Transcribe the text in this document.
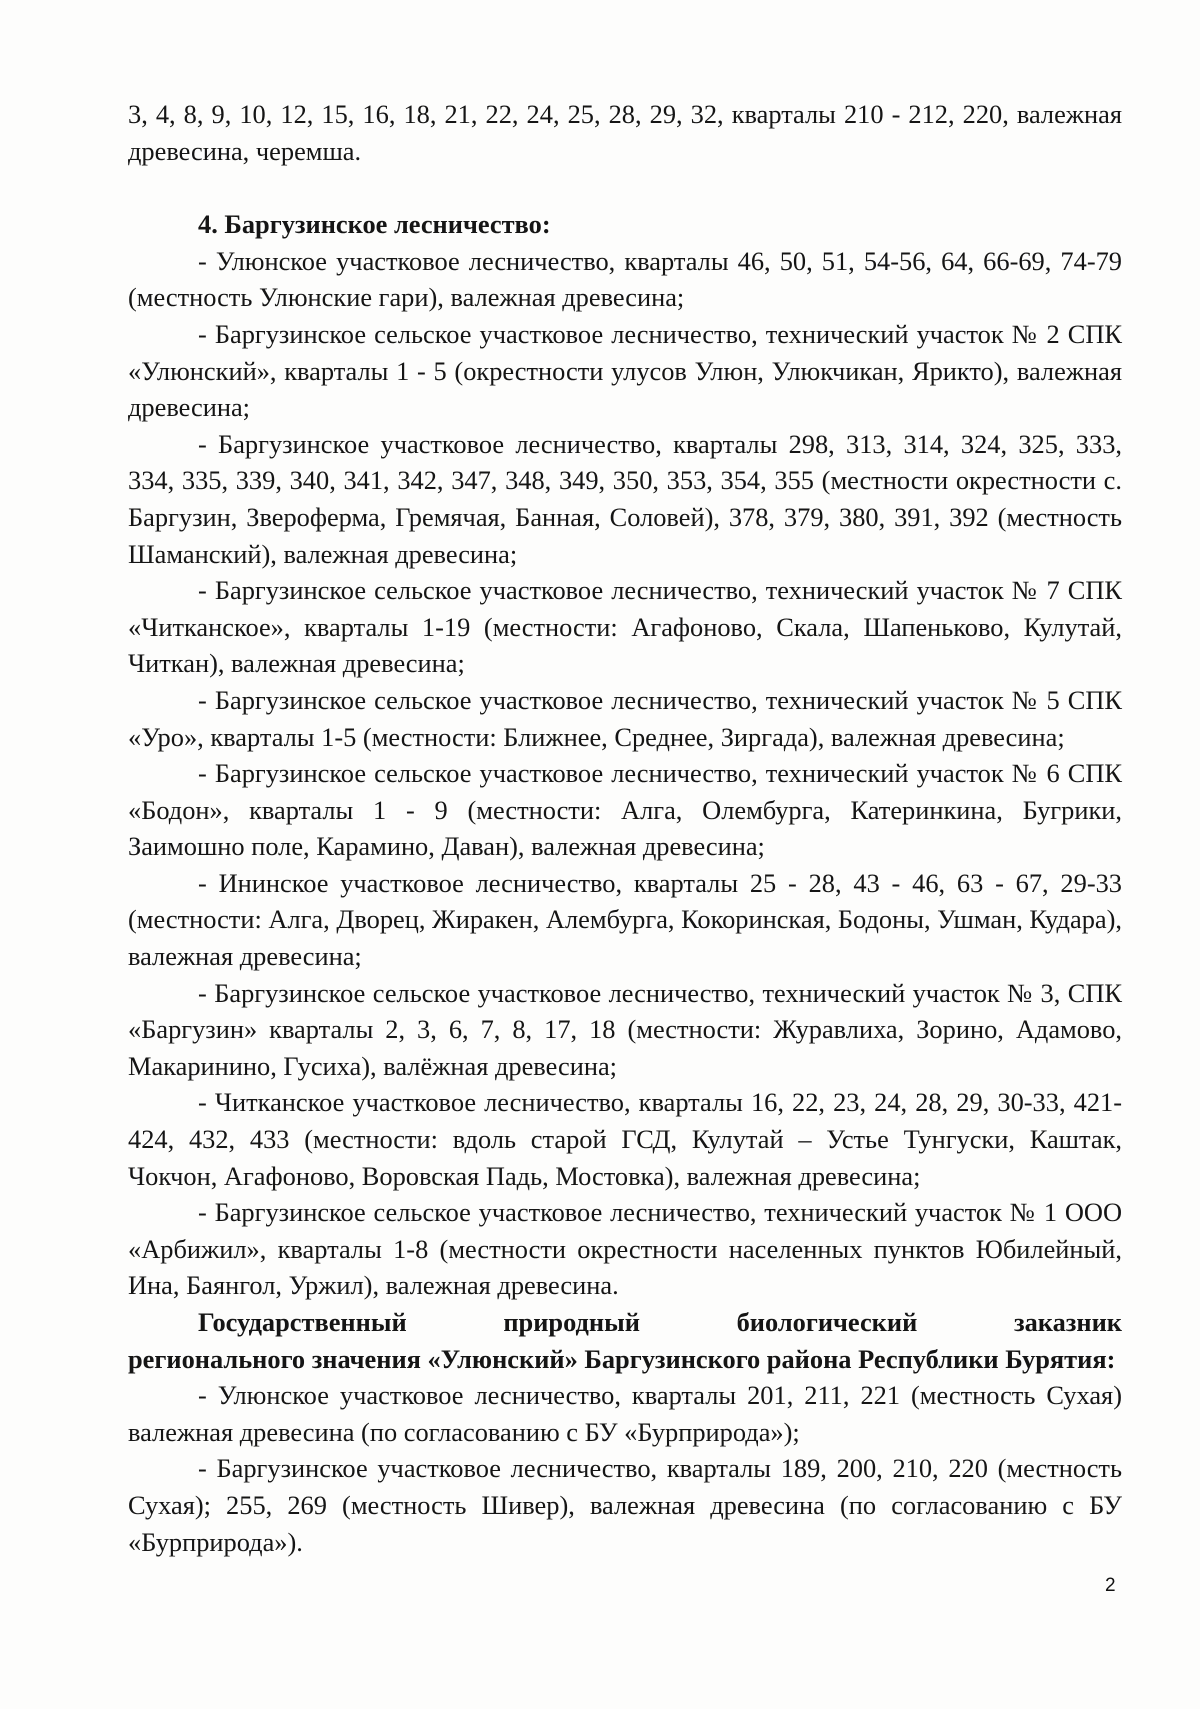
3, 4, 8, 9, 10, 12, 15, 16, 18, 21, 22, 24, 25, 28, 29, 32, кварталы 210 - 212, 220, валежная древесина, черемша.

4. Баргузинское лесничество:

- Улюнское участковое лесничество, кварталы 46, 50, 51, 54-56, 64, 66-69, 74-79 (местность Улюнские гари), валежная древесина;

- Баргузинское сельское участковое лесничество, технический участок № 2 СПК «Улюнский», кварталы 1 - 5 (окрестности улусов Улюн, Улюкчикан, Ярикто), валежная древесина;

- Баргузинское участковое лесничество, кварталы 298, 313, 314, 324, 325, 333, 334, 335, 339, 340, 341, 342, 347, 348, 349, 350, 353, 354, 355 (местности окрестности с. Баргузин, Звероферма, Гремячая, Банная, Соловей), 378, 379, 380, 391, 392 (местность Шаманский), валежная древесина;

- Баргузинское сельское участковое лесничество, технический участок № 7 СПК «Читканское», кварталы 1-19 (местности: Агафоново, Скала, Шапеньково, Кулутай, Читкан), валежная древесина;

- Баргузинское сельское участковое лесничество, технический участок № 5 СПК «Уро», кварталы 1-5 (местности: Ближнее, Среднее, Зиргада), валежная древесина;

- Баргузинское сельское участковое лесничество, технический участок № 6 СПК «Бодон», кварталы 1 - 9 (местности: Алга, Олембурга, Катеринкина, Бугрики, Заимошно поле, Карамино, Даван), валежная древесина;

- Ининское участковое лесничество, кварталы 25 - 28, 43 - 46, 63 - 67, 29-33 (местности: Алга, Дворец, Жиракен, Алембурга, Кокоринская, Бодоны, Ушман, Кудара), валежная древесина;

- Баргузинское сельское участковое лесничество, технический участок № 3, СПК «Баргузин» кварталы 2, 3, 6, 7, 8, 17, 18 (местности: Журавлиха, Зорино, Адамово, Макаринино, Гусиха), валёжная древесина;

- Читканское участковое лесничество, кварталы 16, 22, 23, 24, 28, 29, 30-33, 421-424, 432, 433 (местности: вдоль старой ГСД, Кулутай – Устье Тунгуски, Каштак, Чокчон, Агафоново, Воровская Падь, Мостовка), валежная древесина;

- Баргузинское сельское участковое лесничество, технический участок № 1 ООО «Арбижил», кварталы 1-8 (местности окрестности населенных пунктов Юбилейный, Ина, Баянгол, Уржил), валежная древесина.

Государственный природный биологический заказник
регионального значения «Улюнский» Баргузинского района Республики Бурятия:

- Улюнское участковое лесничество, кварталы 201, 211, 221 (местность Сухая) валежная древесина (по согласованию с БУ «Бурприрода»);

- Баргузинское участковое лесничество, кварталы 189, 200, 210, 220 (местность Сухая); 255, 269 (местность Шивер), валежная древесина (по согласованию с БУ «Бурприрода»).

2
